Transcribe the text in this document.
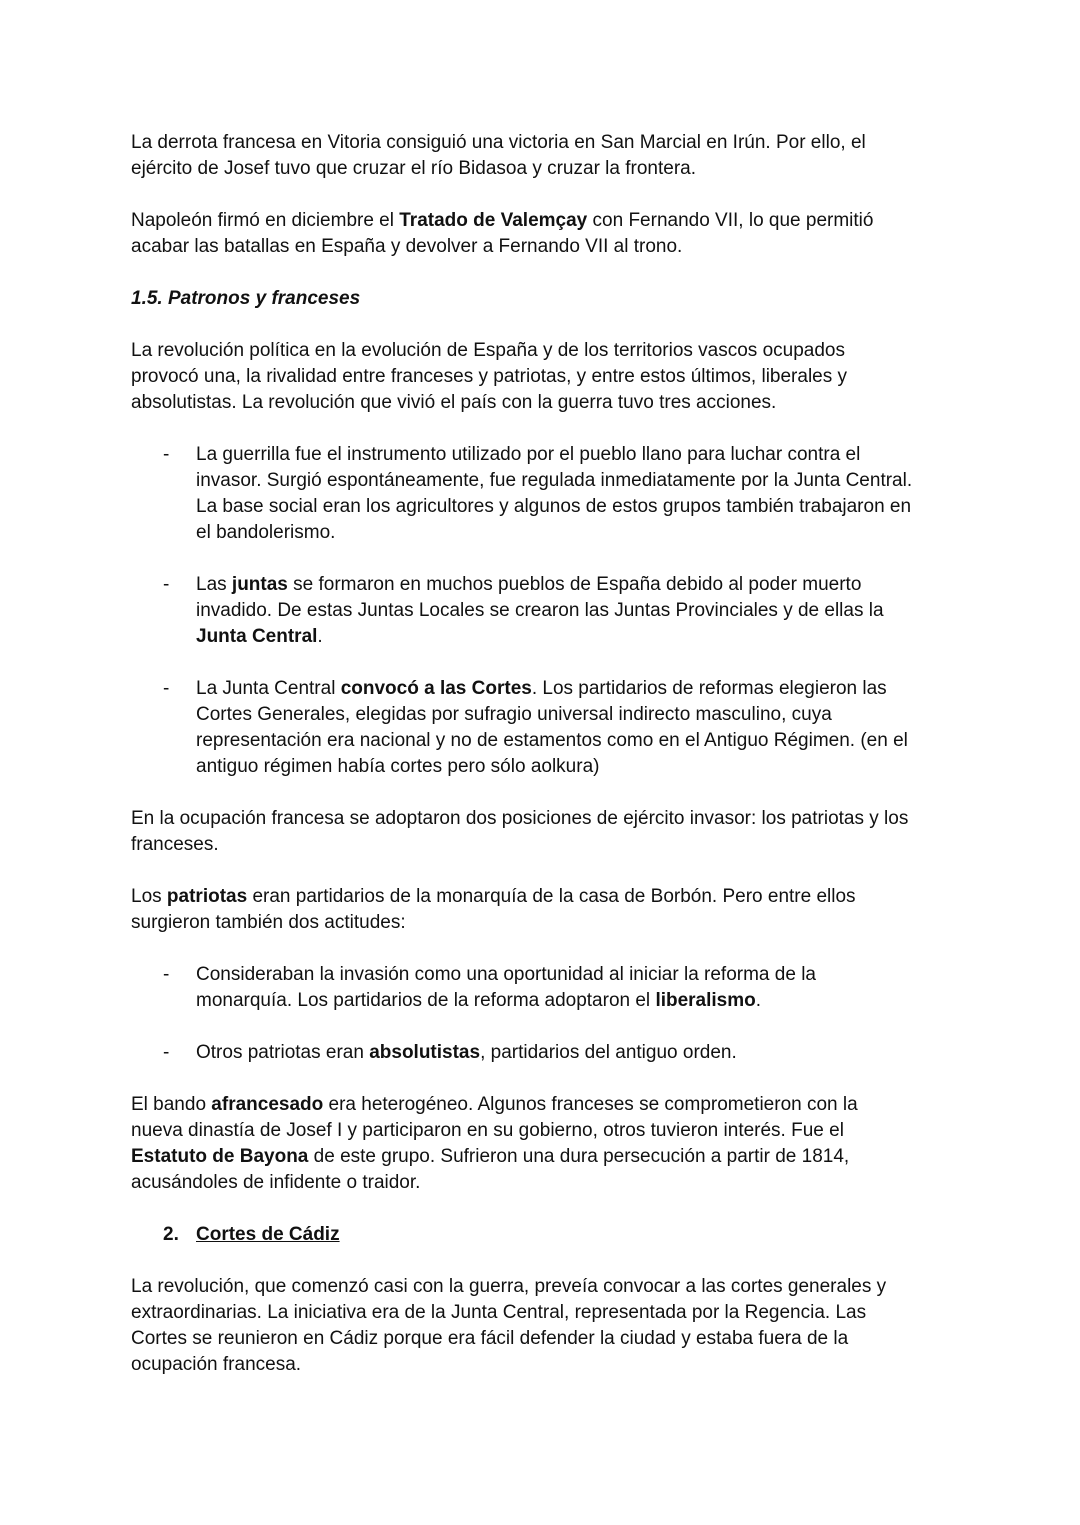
La derrota francesa en Vitoria consiguió una victoria en San Marcial en Irún. Por ello, el
ejército de Josef tuvo que cruzar el río Bidasoa y cruzar la frontera.
Napoleón firmó en diciembre el Tratado de Valemçay con Fernando VII, lo que permitió
acabar las batallas en España y devolver a Fernando VII al trono.
1.5. Patronos y franceses
La revolución política en la evolución de España y de los territorios vascos ocupados
provocó una, la rivalidad entre franceses y patriotas, y entre estos últimos, liberales y
absolutistas. La revolución que vivió el país con la guerra tuvo tres acciones.
- La guerrilla fue el instrumento utilizado por el pueblo llano para luchar contra el
invasor. Surgió espontáneamente, fue regulada inmediatamente por la Junta Central.
La base social eran los agricultores y algunos de estos grupos también trabajaron en
el bandolerismo.
- Las juntas se formaron en muchos pueblos de España debido al poder muerto
invadido. De estas Juntas Locales se crearon las Juntas Provinciales y de ellas la
Junta Central.
- La Junta Central convocó a las Cortes. Los partidarios de reformas elegieron las
Cortes Generales, elegidas por sufragio universal indirecto masculino, cuya
representación era nacional y no de estamentos como en el Antiguo Régimen. (en el
antiguo régimen había cortes pero sólo aolkura)
En la ocupación francesa se adoptaron dos posiciones de ejército invasor: los patriotas y los
franceses.
Los patriotas eran partidarios de la monarquía de la casa de Borbón. Pero entre ellos
surgieron también dos actitudes:
- Consideraban la invasión como una oportunidad al iniciar la reforma de la
monarquía. Los partidarios de la reforma adoptaron el liberalismo.
- Otros patriotas eran absolutistas, partidarios del antiguo orden.
El bando afrancesado era heterogéneo. Algunos franceses se comprometieron con la
nueva dinastía de Josef I y participaron en su gobierno, otros tuvieron interés. Fue el
Estatuto de Bayona de este grupo. Sufrieron una dura persecución a partir de 1814,
acusándoles de infidente o traidor.
2. Cortes de Cádiz
La revolución, que comenzó casi con la guerra, preveía convocar a las cortes generales y
extraordinarias. La iniciativa era de la Junta Central, representada por la Regencia. Las
Cortes se reunieron en Cádiz porque era fácil defender la ciudad y estaba fuera de la
ocupación francesa.
